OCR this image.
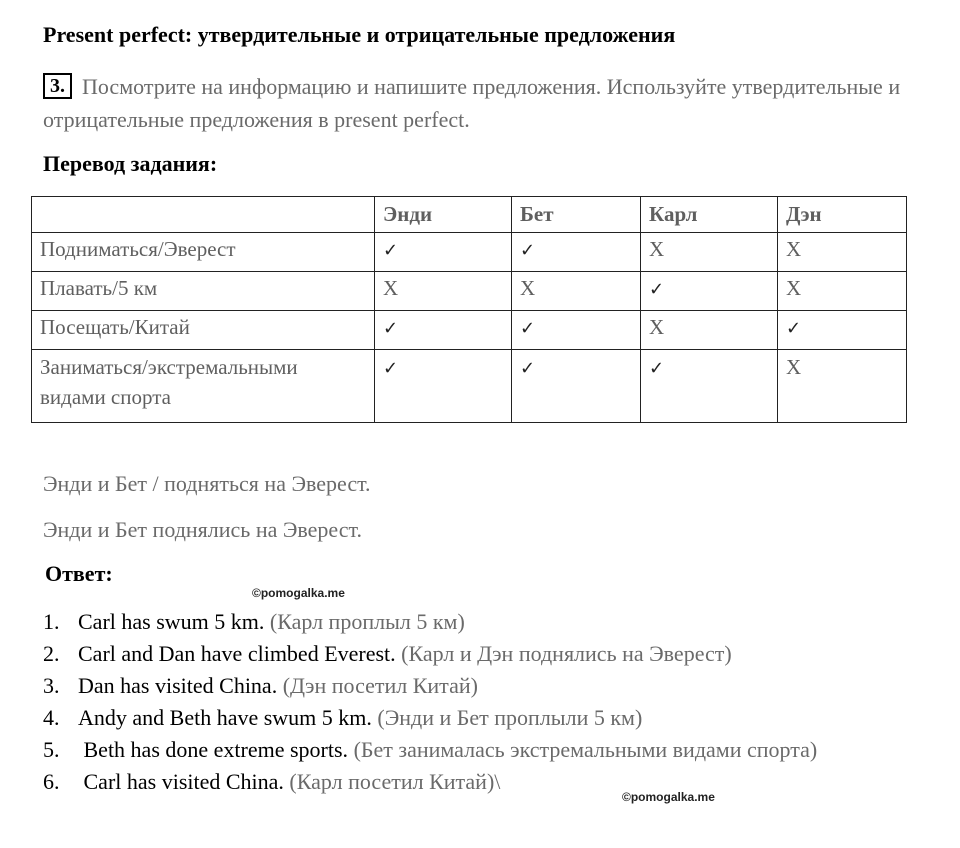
Present perfect: утвердительные и отрицательные предложения
3. Посмотрите на информацию и напишите предложения. Используйте утвердительные и отрицательные предложения в present perfect.
Перевод задания:
	Энди	Бет	Карл	Дэн
Подниматься/Эверест	✓	✓	X	X
Плавать/5 км	X	X	✓	X
Посещать/Китай	✓	✓	X	✓
Заниматься/экстремальными видами спорта	✓	✓	✓	X
Энди и Бет / подняться на Эверест.
Энди и Бет поднялись на Эверест.
Ответ:
©pomogalka.me
1. Carl has swum 5 km. (Карл проплыл 5 км)
2. Carl and Dan have climbed Everest. (Карл и Дэн поднялись на Эверест)
3. Dan has visited China. (Дэн посетил Китай)
4. Andy and Beth have swum 5 km. (Энди и Бет проплыли 5 км)
5. Beth has done extreme sports. (Бет занималась экстремальными видами спорта)
6. Carl has visited China. (Карл посетил Китай)\
©pomogalka.me
